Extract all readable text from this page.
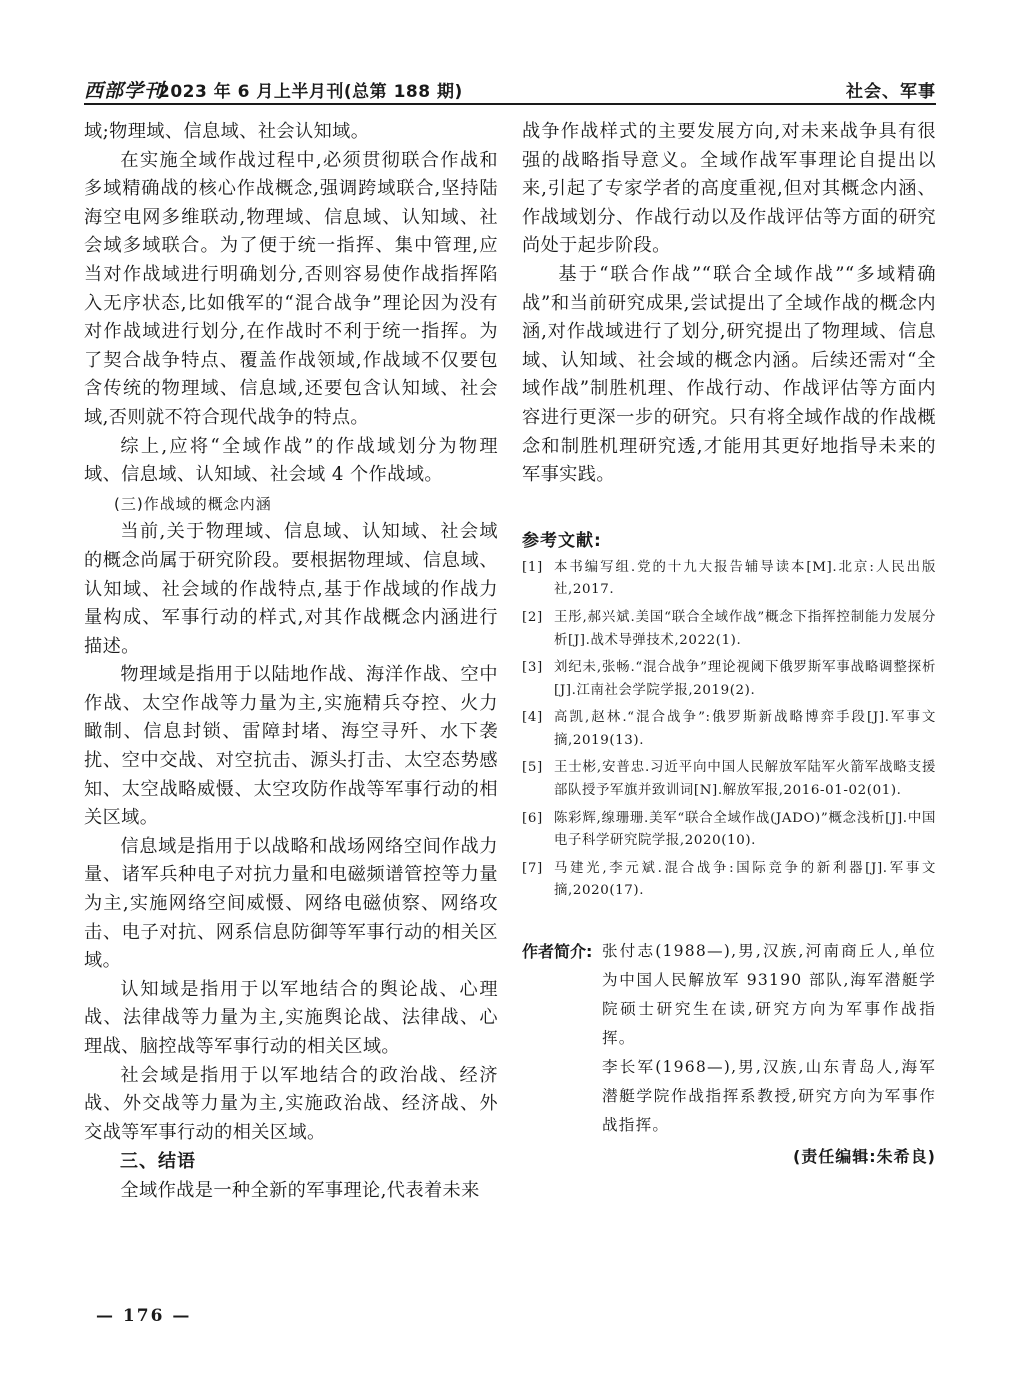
西部学刊
2023 年 6 月上半月刊(总第 188 期)	社会、军事

域;物理域、信息域、社会认知域。

在实施全域作战过程中,必须贯彻联合作战和多域精确战的核心作战概念,强调跨域联合,坚持陆海空电网多维联动,物理域、信息域、认知域、社会域多域联合。为了便于统一指挥、集中管理,应当对作战域进行明确划分,否则容易使作战指挥陷入无序状态,比如俄军的“混合战争”理论因为没有对作战域进行划分,在作战时不利于统一指挥。为了契合战争特点、覆盖作战领域,作战域不仅要包含传统的物理域、信息域,还要包含认知域、社会域,否则就不符合现代战争的特点。

综上,应将“全域作战”的作战域划分为物理域、信息域、认知域、社会域 4 个作战域。

(三)作战域的概念内涵

当前,关于物理域、信息域、认知域、社会域的概念尚属于研究阶段。要根据物理域、信息域、认知域、社会域的作战特点,基于作战域的作战力量构成、军事行动的样式,对其作战概念内涵进行描述。

物理域是指用于以陆地作战、海洋作战、空中作战、太空作战等力量为主,实施精兵夺控、火力瞰制、信息封锁、雷障封堵、海空寻歼、水下袭扰、空中交战、对空抗击、源头打击、太空态势感知、太空战略威慑、太空攻防作战等军事行动的相关区域。

信息域是指用于以战略和战场网络空间作战力量、诸军兵种电子对抗力量和电磁频谱管控等力量为主,实施网络空间威慑、网络电磁侦察、网络攻击、电子对抗、网系信息防御等军事行动的相关区域。

认知域是指用于以军地结合的舆论战、心理战、法律战等力量为主,实施舆论战、法律战、心理战、脑控战等军事行动的相关区域。

社会域是指用于以军地结合的政治战、经济战、外交战等力量为主,实施政治战、经济战、外交战等军事行动的相关区域。

三、结语

全域作战是一种全新的军事理论,代表着未来

战争作战样式的主要发展方向,对未来战争具有很强的战略指导意义。全域作战军事理论自提出以来,引起了专家学者的高度重视,但对其概念内涵、作战域划分、作战行动以及作战评估等方面的研究尚处于起步阶段。

基于“联合作战”“联合全域作战”“多域精确战”和当前研究成果,尝试提出了全域作战的概念内涵,对作战域进行了划分,研究提出了物理域、信息域、认知域、社会域的概念内涵。后续还需对“全域作战”制胜机理、作战行动、作战评估等方面内容进行更深一步的研究。只有将全域作战的作战概念和制胜机理研究透,才能用其更好地指导未来的军事实践。

参考文献:
[1] 本书编写组.党的十九大报告辅导读本[M].北京:人民出版社,2017.
[2] 王彤,郝兴斌.美国“联合全域作战”概念下指挥控制能力发展分析[J].战术导弹技术,2022(1).
[3] 刘纪未,张畅.“混合战争”理论视阈下俄罗斯军事战略调整探析[J].江南社会学院学报,2019(2).
[4] 高凯,赵林.“混合战争”:俄罗斯新战略博弈手段[J].军事文摘,2019(13).
[5] 王士彬,安普忠.习近平向中国人民解放军陆军火箭军战略支援部队授予军旗并致训词[N].解放军报,2016-01-02(01).
[6] 陈彩辉,缐珊珊.美军“联合全域作战(JADO)”概念浅析[J].中国电子科学研究院学报,2020(10).
[7] 马建光,李元斌.混合战争:国际竞争的新利器[J].军事文摘,2020(17).
作者简介: 张付志(1988—),男,汉族,河南商丘人,单位为中国人民解放军 93190 部队,海军潜艇学院硕士研究生在读,研究方向为军事作战指挥。

李长军(1968—),男,汉族,山东青岛人,海军潜艇学院作战指挥系教授,研究方向为军事作战指挥。

(责任编辑:朱希良)
— 176 —
